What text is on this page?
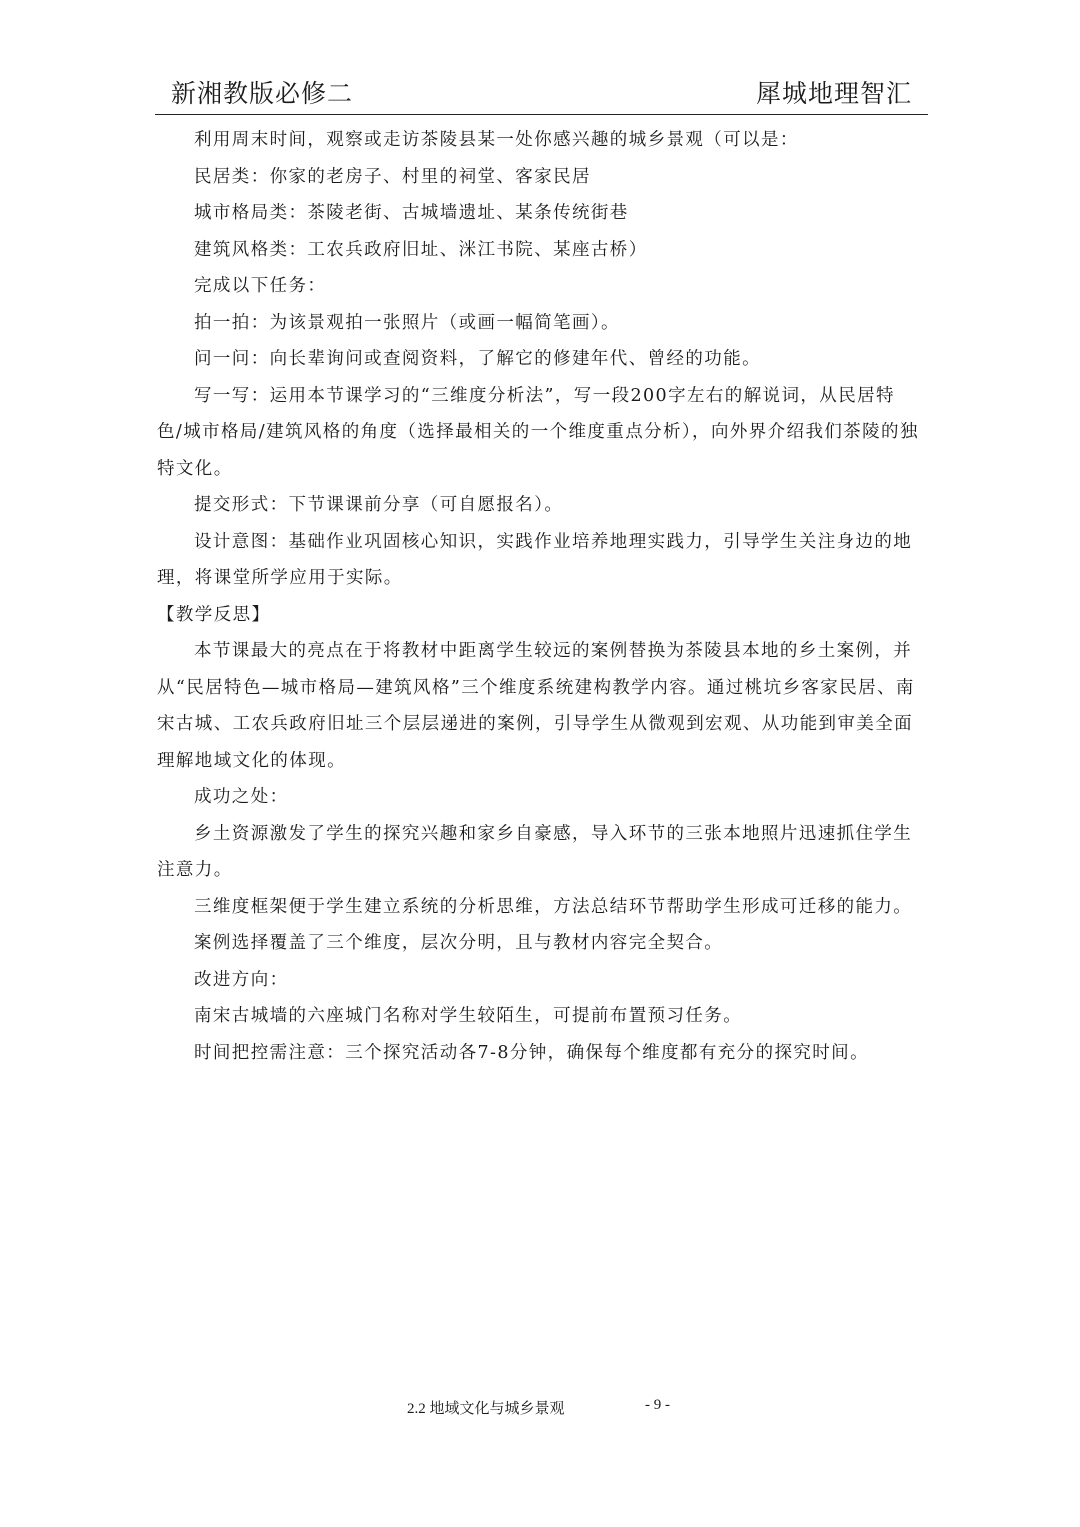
新湘教版必修二	犀城地理智汇

利用周末时间，观察或走访茶陵县某一处你感兴趣的城乡景观（可以是：

民居类：你家的老房子、村里的祠堂、客家民居

城市格局类：茶陵老街、古城墙遗址、某条传统街巷

建筑风格类：工农兵政府旧址、洣江书院、某座古桥）

完成以下任务：

拍一拍：为该景观拍一张照片（或画一幅简笔画）。

问一问：向长辈询问或查阅资料，了解它的修建年代、曾经的功能。

写一写：运用本节课学习的“三维度分析法”，写一段200字左右的解说词，从民居特色/城市格局/建筑风格的角度（选择最相关的一个维度重点分析），向外界介绍我们茶陵的独特文化。

提交形式：下节课课前分享（可自愿报名）。

设计意图：基础作业巩固核心知识，实践作业培养地理实践力，引导学生关注身边的地理，将课堂所学应用于实际。

【教学反思】

本节课最大的亮点在于将教材中距离学生较远的案例替换为茶陵县本地的乡土案例，并从“民居特色—城市格局—建筑风格”三个维度系统建构教学内容。通过桃坑乡客家民居、南宋古城、工农兵政府旧址三个层层递进的案例，引导学生从微观到宏观、从功能到审美全面理解地域文化的体现。

成功之处：

乡土资源激发了学生的探究兴趣和家乡自豪感，导入环节的三张本地照片迅速抓住学生注意力。

三维度框架便于学生建立系统的分析思维，方法总结环节帮助学生形成可迁移的能力。

案例选择覆盖了三个维度，层次分明，且与教材内容完全契合。

改进方向：

南宋古城墙的六座城门名称对学生较陌生，可提前布置预习任务。

时间把控需注意：三个探究活动各7-8分钟，确保每个维度都有充分的探究时间。

2.2 地域文化与城乡景观	- 9 -
